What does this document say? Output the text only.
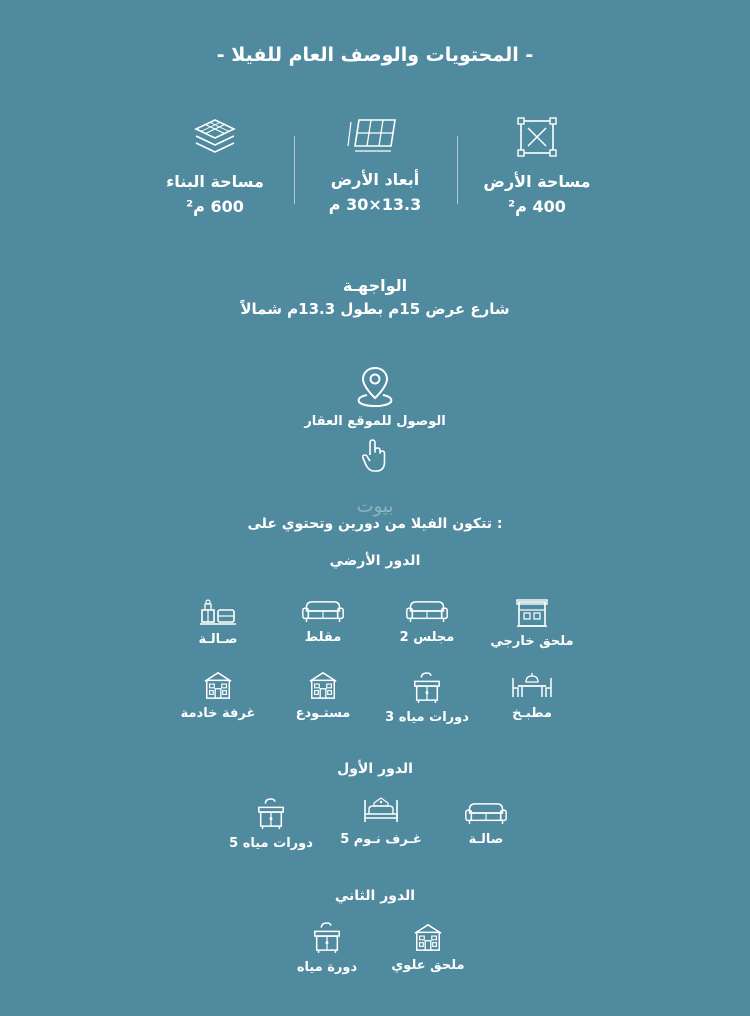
- المحتويات والوصف العام للفيلا -
مساحة الأرض
400 م²
أبعاد الأرض
13.3×30 م
مساحة البناء
600 م²
الواجهـة
شارع عرض 15م بطول 13.3م شمالاً
الوصول للموقع العقار
بيوت
تتكون الفيلا من دورين وتحتوي على :
الدور الأرضي
ملحق خارجي
2 مجلس
مقلط
صـالـة
مطبـخ
3 دورات مياه
مستـودع
غرفة خادمة
الدور الأول
صالـة
5 غـرف نـوم
5 دورات مياه
الدور الثاني
ملحق علوي
دورة مياه
